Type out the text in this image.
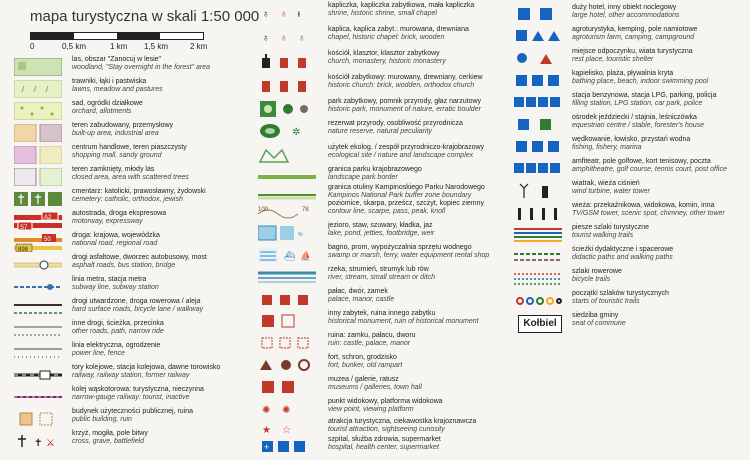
mapa turystyczna w skali 1:50 000
0	0,5 km	1 km 1,5 km	2 km
las, obszar "Zanocuj w lesie"
woodland, "Stay overnight in the forest" area
trawniki, łąki i pastwiska
lawns, meadow and pastures
sad, ogródki działkowe
orchard, allotments
teren zabudowany, przemysłowy
built-up area, industrial area
centrum handlowe, teren piaszczysty
shopping mall, sandy ground
teren zamknięty, młody las
closed area, area with scattered trees
cmentarz: katolicki, prawosławny, żydowski
cemetery: catholic, orthodox, jewish
A2
S7
autostrada, droga ekspresowa
motorway, expressway
50
898
droga: krajowa, wojewódzka
national road, regional road
drogi asfaltowe, dworzec autobusowy, most
asphalt roads, bus station, bridge
linia metra, stacja metra
subway line, subway station
drogi utwardzone, droga rowerowa / aleja
hard surface roads, bicycle lane / walkway
inne drogi, ścieżka, przecinka
other roads, path, narrow ride
linia elektryczna, ogrodzenie
power line, fence
tory kolejowe, stacja kolejowa, dawne torowisko
railway, railway station, former railway
kolej wąskotorowa: turystyczna, nieczynna
narrow-gauge railway: tourist, inactive
budynek użyteczności publicznej, ruina
public building, ruin
✝ ⚔
krzyż, mogiła, pole bitwy
cross, grave, battlefield
♁ ♁ ⱡ
kapliczka, kapliczka zabytkowa, mała kapliczka
shrine, historic shrine, small chapel
♁ ♁ ♁
kaplica, kaplica zabyt.: murowana, drewniana
chapel, historic chapel: brick, wooden
kościół, klasztor, klasztor zabytkowy
church, monastery, historic monastery
kościół zabytkowy: murowany, drewniany, cerkiew
historic church: brick, wodden, orthodox church
park zabytkowy, pomnik przyrody, głaz narzutowy
historic park, monument of nature, erratic boulder
✲
rezerwat przyrody, osobliwość przyrodnicza
nature reserve, natural peculiarity
użytek ekolog. / zespół przyrodniczo-krajobrazowy
ecological site / nature and landscape complex
granica parku krajobrazowego
landscape park border
granica otuliny Kampinoskiego Parku Narodowego
Kampinos National Park buffer zone boundary
100	78
poziomice, skarpa, prześcz, szczyt, kopiec ziemny
contour line, scarpe, pass, peak, knoll
≈
jezioro, staw, szuwary, kładka, jaz
lake, pond, jetties, footbridge, weir
⛴ ⛵
bagno, prom, wypożyczalnia sprzętu wodnego
swamp or marsh, ferry, water equipment rental shop
rzeka, strumień, strumyk lub rów
river, stream, small stream or ditch
pałac, dwór, zamek
palace, manor, castle
inny zabytek, ruina innego zabytku
historical monument, ruin of historical monument
ruina: zamku, pałacu, dworu
ruin: castle, palace, manor
fort, schron, grodzisko
fort, bunker, old rampart
muzea / galerie, ratusz
museums / galleries, town hall
✺ ✺
punkt widokowy, platforma widokowa
view point, viewing platform
★ ☆
atrakcja turystyczna, ciekawostka krajoznawcza
tourist attraction, sightseeing curiosity
+
szpital, służba zdrowia, supermarket
hospital, health center, supermarket
duży hotel, inny obiekt noclegowy
large hotel, other accommodations
agroturystyka, kemping, pole namiotowe
agroturism farm, camping, campground
miejsce odpoczynku, wiata turystyczna
rest place, touristic shelter
kąpielisko, plaża, pływalnia kryta
bathing place, beach, indoor swimming pool
stacja benzynowa, stacja LPG, parking, policja
filling station, LPG station, car park, police
ośrodek jeździecki / stajnia, leśniczówka
equestrian centre / stable, forester's house
wędkowanie, łowisko, przystań wodna
fishing, fishery, marina
amfiteatr, pole golfowe, kort tenisowy, poczta
amphitheatre, golf course, tennis court, post office
wiatrak, wieża ciśnień
wind turbine, water tower
wieża: przekaźnikowa, widokowa, komin, inna
TV/GSM tower, scenic spot, chimney, other tower
piesze szlaki turystyczne
tourist walking trails
ścieżki dydaktyczne i spacerowe
didactic paths and walking paths
szlaki rowerowe
bicycle trails
początki szlaków turystycznych
starts of touristic trails
Kołbiel
siedziba gminy
seat of commune
